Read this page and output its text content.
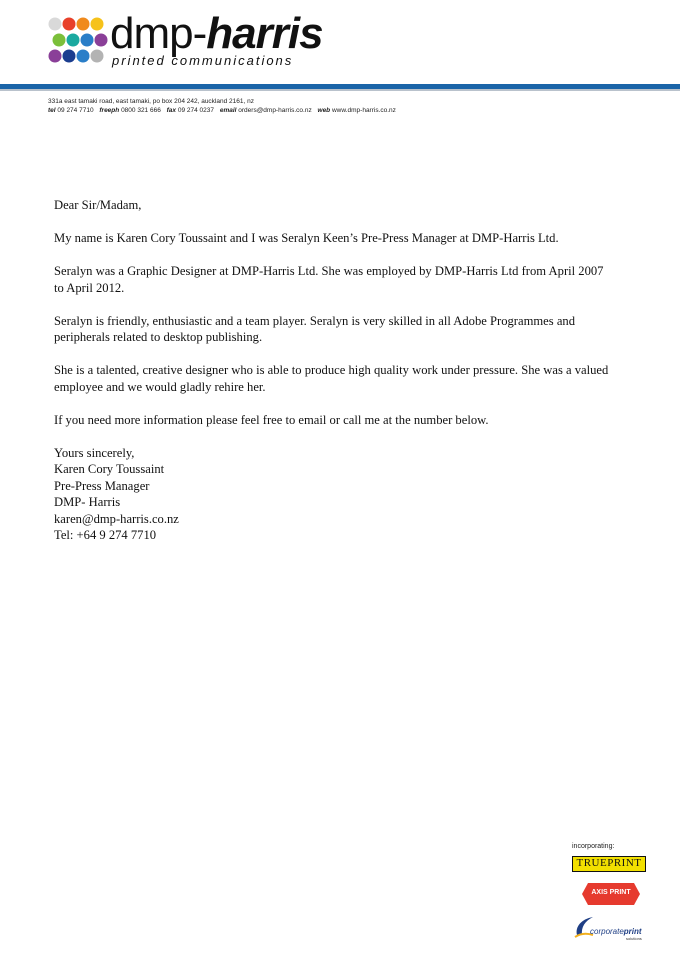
dmp-harris
printed communications
331a east tamaki road, east tamaki, po box 204 242, auckland 2161, nz
tel 09 274 7710 freeph 0800 321 666 fax 09 274 0237 email orders@dmp-harris.co.nz web www.dmp-harris.co.nz

Dear Sir/Madam,

My name is Karen Cory Toussaint and I was Seralyn Keen’s Pre-Press Manager at DMP-Harris Ltd.

Seralyn was a Graphic Designer at DMP-Harris Ltd. She was employed by DMP-Harris Ltd from April 2007 to April 2012.

Seralyn is friendly, enthusiastic and a team player. Seralyn is very skilled in all Adobe Programmes and peripherals related to desktop publishing.

She is a talented, creative designer who is able to produce high quality work under pressure. She was a valued employee and we would gladly rehire her.

If you need more information please feel free to email or call me at the number below.

Yours sincerely,
Karen Cory Toussaint
Pre-Press Manager
DMP- Harris
karen@dmp-harris.co.nz
Tel: +64 9 274 7710
incorporating:
TRUEPRINT
AXIS PRINT
corporateprint
solutions
